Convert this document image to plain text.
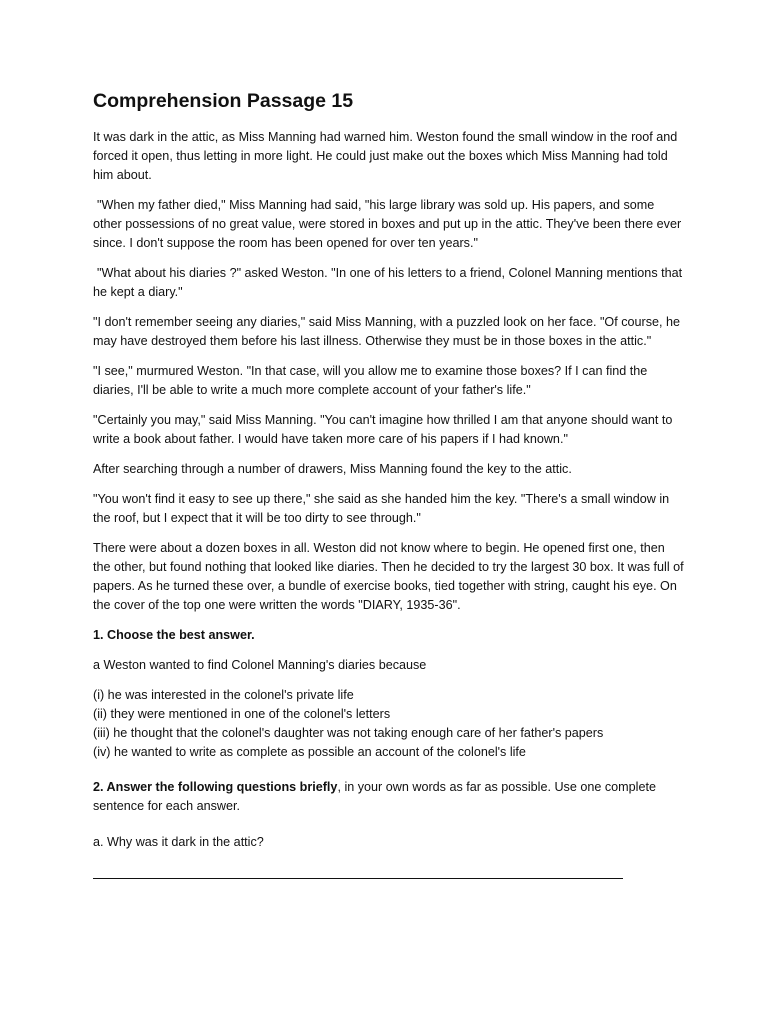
Comprehension Passage 15

It was dark in the attic, as Miss Manning had warned him. Weston found the small window in the roof and forced it open, thus letting in more light. He could just make out the boxes which Miss Manning had told him about.

"When my father died," Miss Manning had said, "his large library was sold up. His papers, and some other possessions of no great value, were stored in boxes and put up in the attic. They've been there ever since. I don't suppose the room has been opened for over ten years."

"What about his diaries ?" asked Weston. "In one of his letters to a friend, Colonel Manning mentions that he kept a diary."

"I don't remember seeing any diaries," said Miss Manning, with a puzzled look on her face. "Of course, he may have destroyed them before his last illness. Otherwise they must be in those boxes in the attic."

"I see," murmured Weston. "In that case, will you allow me to examine those boxes? If I can find the diaries, I'll be able to write a much more complete account of your father's life."

"Certainly you may," said Miss Manning. "You can't imagine how thrilled I am that anyone should want to write a book about father. I would have taken more care of his papers if I had known."

After searching through a number of drawers, Miss Manning found the key to the attic.

"You won't find it easy to see up there," she said as she handed him the key. "There's a small window in the roof, but I expect that it will be too dirty to see through."

There were about a dozen boxes in all. Weston did not know where to begin. He opened first one, then the other, but found nothing that looked like diaries. Then he decided to try the largest 30 box. It was full of papers. As he turned these over, a bundle of exercise books, tied together with string, caught his eye. On the cover of the top one were written the words "DIARY, 1935-36".

1. Choose the best answer.

a Weston wanted to find Colonel Manning's diaries because

(i) he was interested in the colonel's private life
(ii) they were mentioned in one of the colonel's letters
(iii) he thought that the colonel's daughter was not taking enough care of her father's papers
(iv) he wanted to write as complete as possible an account of the colonel's life

2. Answer the following questions briefly, in your own words as far as possible. Use one complete sentence for each answer.

a. Why was it dark in the attic?
